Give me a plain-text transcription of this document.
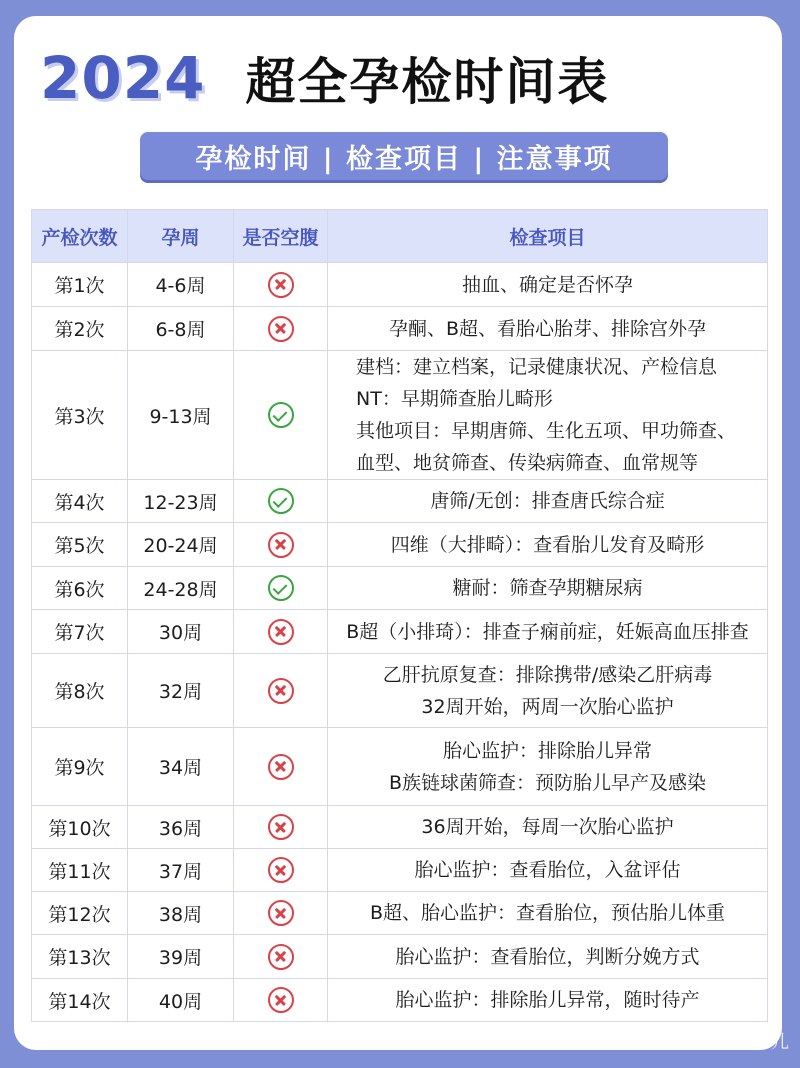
2024 超全孕检时间表
孕检时间 | 检查项目 | 注意事项
产检次数	孕周	是否空腹	检查项目
第1次	4-6周		抽血、确定是否怀孕

第2次	6-8周		孕酮、B超、看胎心胎芽、排除宫外孕

第3次	9-13周		建档：建立档案，记录健康状况、产检信息
NT：早期筛查胎儿畸形
其他项目：早期唐筛、生化五项、甲功筛查、
血型、地贫筛查、传染病筛查、血常规等

第4次	12-23周		唐筛/无创：排查唐氏综合症

第5次	20-24周		四维（大排畸）：查看胎儿发育及畸形

第6次	24-28周		糖耐：筛查孕期糖尿病

第7次	30周		B超（小排琦）：排查子痫前症，妊娠高血压排查

第8次	32周		乙肝抗原复查：排除携带/感染乙肝病毒
32周开始，两周一次胎心监护

第9次	34周		胎心监护：排除胎儿异常
B族链球菌筛查：预防胎儿早产及感染

第10次	36周		36周开始，每周一次胎心监护

第11次	37周		胎心监护：查看胎位，入盆评估

第12次	38周		B超、胎心监护：查看胎位，预估胎儿体重

第13次	39周		胎心监护：查看胎位，判断分娩方式

第14次	40周		胎心监护：排除胎儿异常，随时待产
IF枕边育儿
